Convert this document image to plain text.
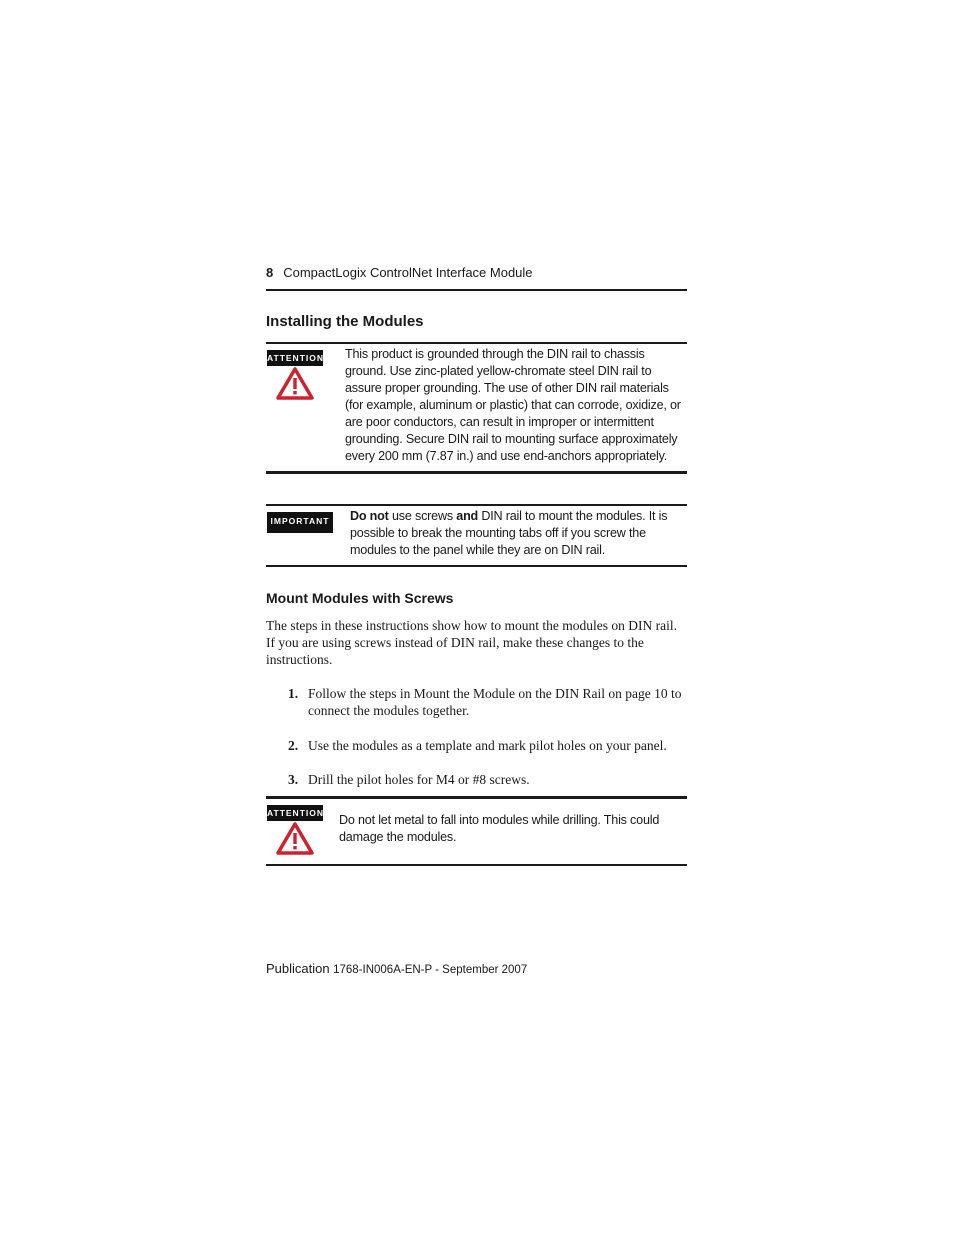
8 CompactLogix ControlNet Interface Module
Installing the Modules
ATTENTION This product is grounded through the DIN rail to chassis ground. Use zinc-plated yellow-chromate steel DIN rail to assure proper grounding. The use of other DIN rail materials (for example, aluminum or plastic) that can corrode, oxidize, or are poor conductors, can result in improper or intermittent grounding. Secure DIN rail to mounting surface approximately every 200 mm (7.87 in.) and use end-anchors appropriately.
IMPORTANT Do not use screws and DIN rail to mount the modules. It is possible to break the mounting tabs off if you screw the modules to the panel while they are on DIN rail.
Mount Modules with Screws
The steps in these instructions show how to mount the modules on DIN rail. If you are using screws instead of DIN rail, make these changes to the instructions.
1. Follow the steps in Mount the Module on the DIN Rail on page 10 to connect the modules together.
2. Use the modules as a template and mark pilot holes on your panel.
3. Drill the pilot holes for M4 or #8 screws.
ATTENTION Do not let metal to fall into modules while drilling. This could damage the modules.
Publication 1768-IN006A-EN-P - September 2007
